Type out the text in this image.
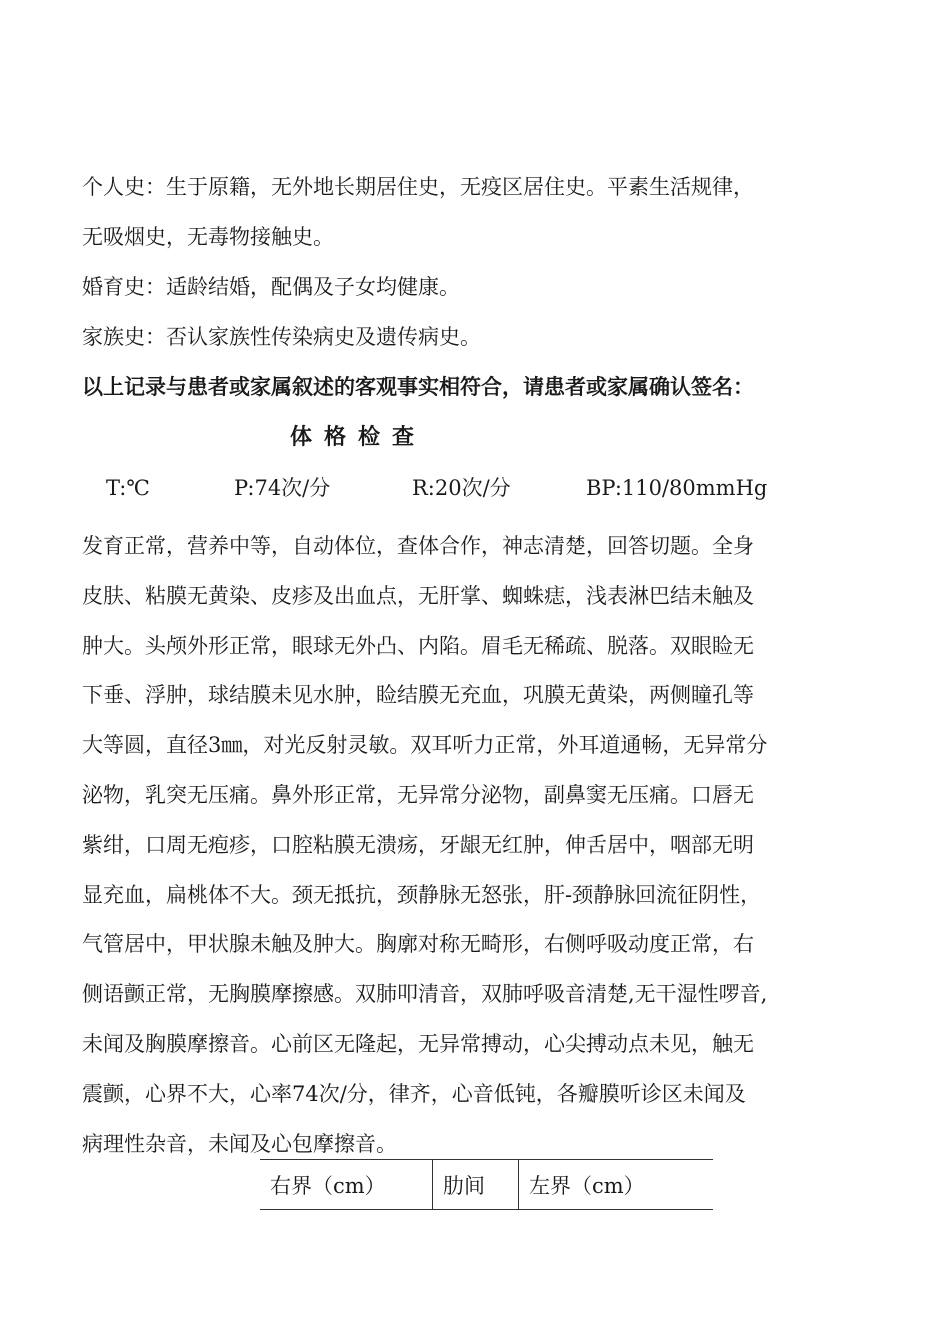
个人史：生于原籍，无外地长期居住史，无疫区居住史。平素生活规律，
无吸烟史，无毒物接触史。
婚育史：适龄结婚，配偶及子女均健康。
家族史：否认家族性传染病史及遗传病史。
以上记录与患者或家属叙述的客观事实相符合，请患者或家属确认签名：
体格检查
T:℃	P:74次/分	R:20次/分	BP:110/80mmHg
发育正常，营养中等，自动体位，查体合作，神志清楚，回答切题。全身
皮肤、粘膜无黄染、皮疹及出血点，无肝掌、蜘蛛痣，浅表淋巴结未触及
肿大。头颅外形正常，眼球无外凸、内陷。眉毛无稀疏、脱落。双眼睑无
下垂、浮肿，球结膜未见水肿，睑结膜无充血，巩膜无黄染，两侧瞳孔等
大等圆，直径3㎜，对光反射灵敏。双耳听力正常，外耳道通畅，无异常分
泌物，乳突无压痛。鼻外形正常，无异常分泌物，副鼻窦无压痛。口唇无
紫绀，口周无疱疹，口腔粘膜无溃疡，牙龈无红肿，伸舌居中，咽部无明
显充血，扁桃体不大。颈无抵抗，颈静脉无怒张，肝-颈静脉回流征阴性，
气管居中，甲状腺未触及肿大。胸廓对称无畸形，右侧呼吸动度正常，右
侧语颤正常，无胸膜摩擦感。双肺叩清音，双肺呼吸音清楚,无干湿性啰音,
未闻及胸膜摩擦音。心前区无隆起，无异常搏动，心尖搏动点未见，触无
震颤，心界不大，心率74次/分，律齐，心音低钝，各瓣膜听诊区未闻及
病理性杂音，未闻及心包摩擦音。
右界（cm）	肋间	左界（cm）
